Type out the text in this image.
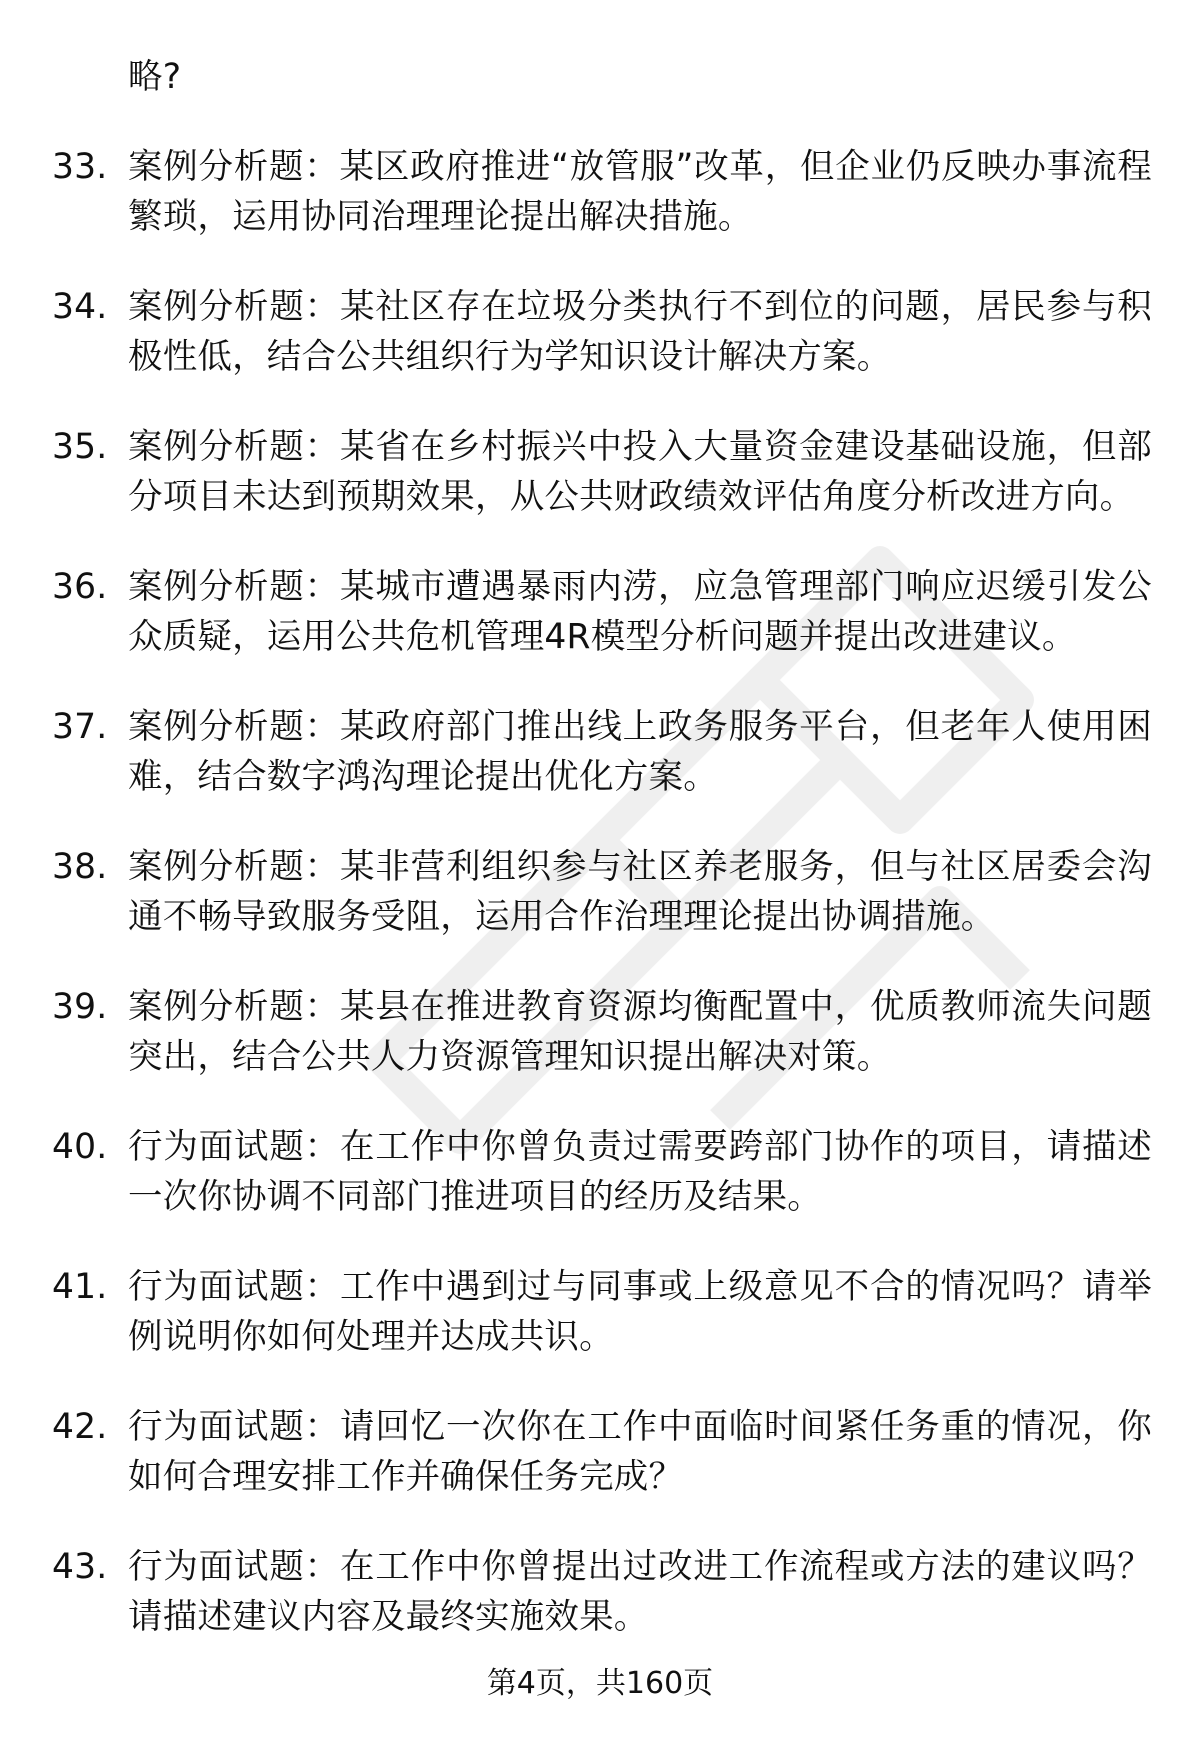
略?
33. 案例分析题：某区政府推进“放管服”改革，但企业仍反映办事流程繁琐，运用协同治理理论提出解决措施。
34. 案例分析题：某社区存在垃圾分类执行不到位的问题，居民参与积极性低，结合公共组织行为学知识设计解决方案。
35. 案例分析题：某省在乡村振兴中投入大量资金建设基础设施，但部分项目未达到预期效果，从公共财政绩效评估角度分析改进方向。
36. 案例分析题：某城市遭遇暴雨内涝，应急管理部门响应迟缓引发公众质疑，运用公共危机管理4R模型分析问题并提出改进建议。
37. 案例分析题：某政府部门推出线上政务服务平台，但老年人使用困难，结合数字鸿沟理论提出优化方案。
38. 案例分析题：某非营利组织参与社区养老服务，但与社区居委会沟通不畅导致服务受阻，运用合作治理理论提出协调措施。
39. 案例分析题：某县在推进教育资源均衡配置中，优质教师流失问题突出，结合公共人力资源管理知识提出解决对策。
40. 行为面试题：在工作中你曾负责过需要跨部门协作的项目，请描述一次你协调不同部门推进项目的经历及结果。
41. 行为面试题：工作中遇到过与同事或上级意见不合的情况吗？请举例说明你如何处理并达成共识。
42. 行为面试题：请回忆一次你在工作中面临时间紧任务重的情况，你如何合理安排工作并确保任务完成？
43. 行为面试题：在工作中你曾提出过改进工作流程或方法的建议吗？请描述建议内容及最终实施效果。
第4页，共160页
